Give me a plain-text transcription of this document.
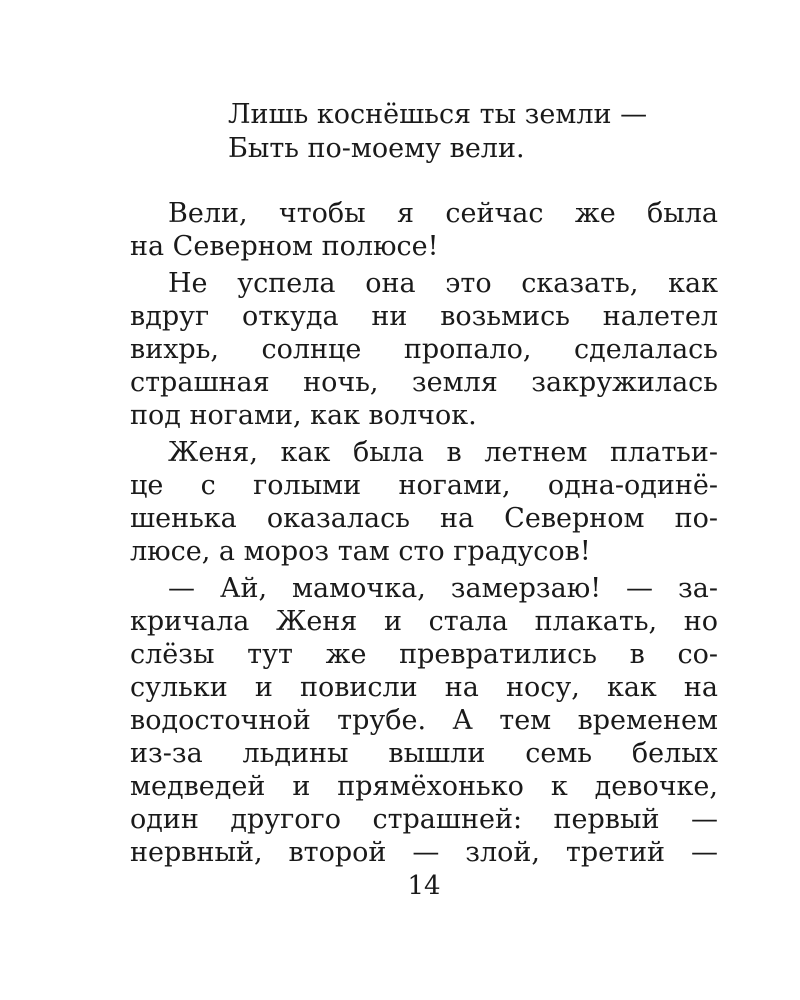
Лишь коснёшься ты земли —
Быть по-моему вели.
Вели, чтобы я сейчас же была
на Северном полюсе!
Не успела она это сказать, как
вдруг откуда ни возьмись налетел
вихрь, солнце пропало, сделалась
страшная ночь, земля закружилась
под ногами, как волчок.
Женя, как была в летнем платьи-
це с голыми ногами, одна-одинё-
шенька оказалась на Северном по-
люсе, а мороз там сто градусов!
— Ай, мамочка, замерзаю! — за-
кричала Женя и стала плакать, но
слёзы тут же превратились в со-
сульки и повисли на носу, как на
водосточной трубе. А тем временем
из-за льдины вышли семь белых
медведей и прямёхонько к девочке,
один другого страшней: первый —
нервный, второй — злой, третий —
14
